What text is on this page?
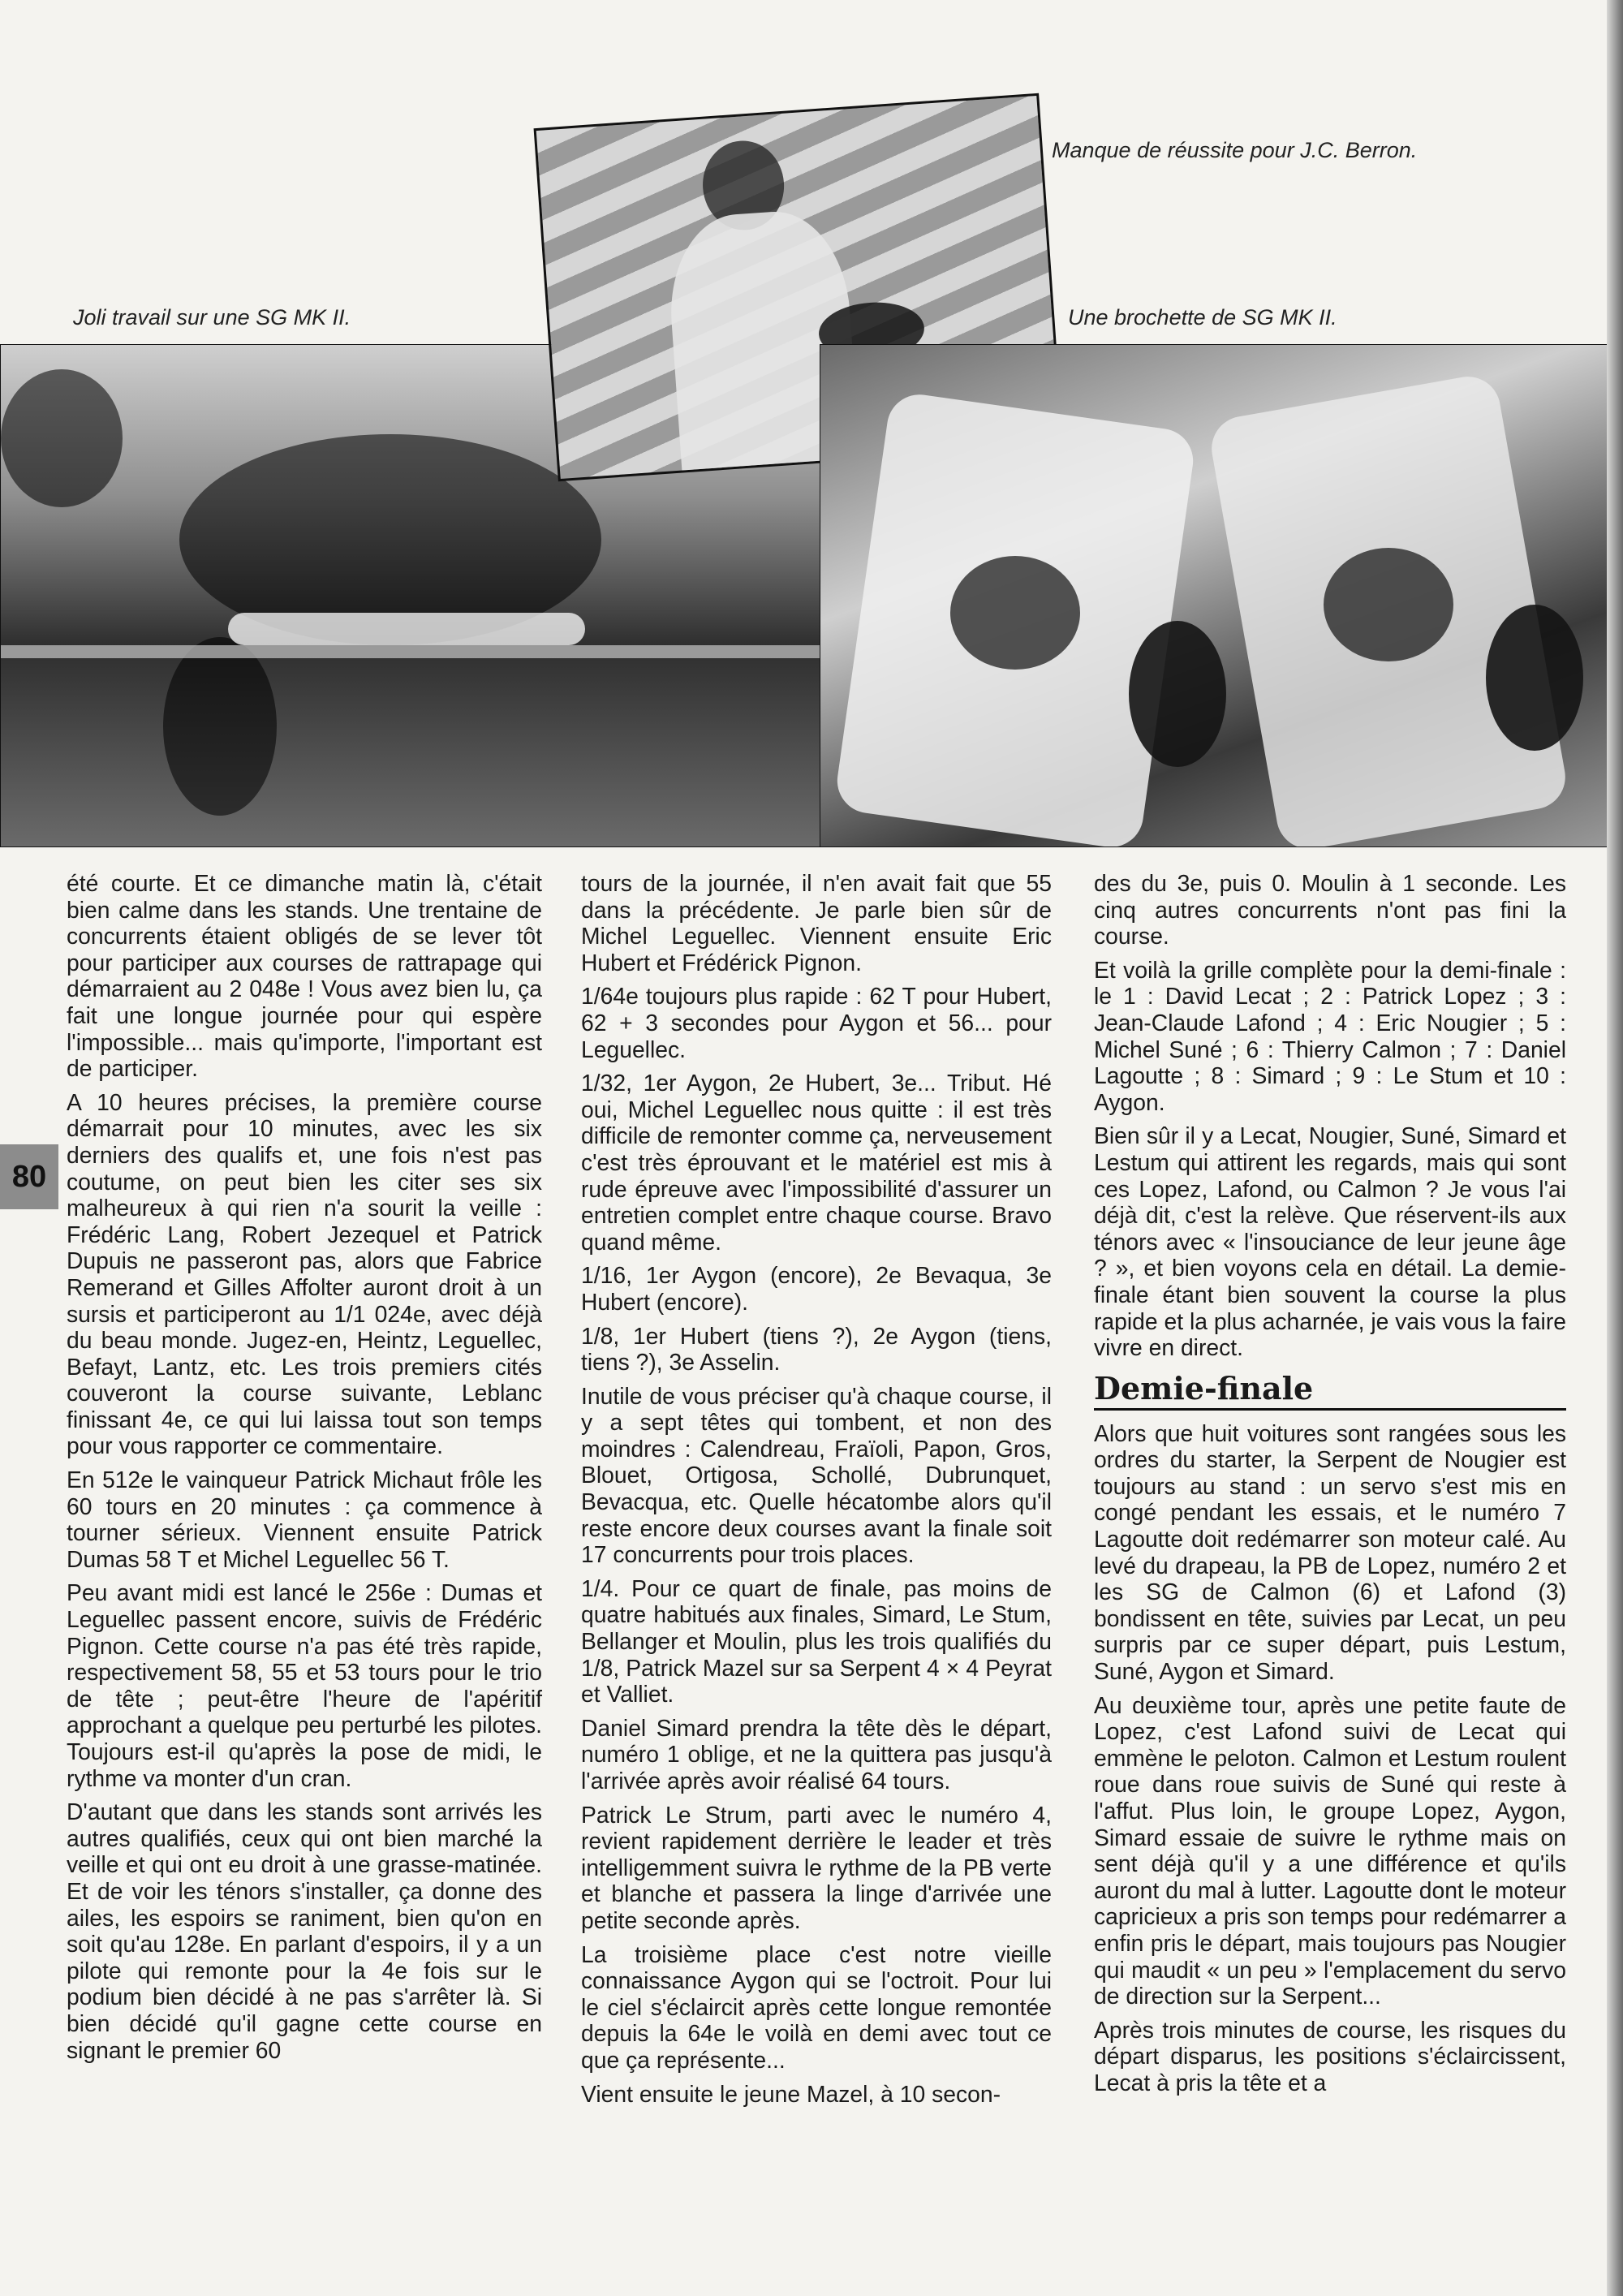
Manque de réussite pour J.C. Berron.
Joli travail sur une SG MK II.	Une brochette de SG MK II.
80

été courte. Et ce dimanche matin là, c'était bien calme dans les stands. Une trentaine de concurrents étaient obligés de se lever tôt pour participer aux courses de rattrapage qui démarraient au 2 048e ! Vous avez bien lu, ça fait une longue journée pour qui espère l'impossible... mais qu'importe, l'important est de participer.

A 10 heures précises, la première course démarrait pour 10 minutes, avec les six derniers des qualifs et, une fois n'est pas coutume, on peut bien les citer ses six malheureux à qui rien n'a sourit la veille : Frédéric Lang, Robert Jezequel et Patrick Dupuis ne passeront pas, alors que Fabrice Remerand et Gilles Affolter auront droit à un sursis et participeront au 1/1 024e, avec déjà du beau monde. Jugez-en, Heintz, Leguellec, Befayt, Lantz, etc. Les trois premiers cités couveront la course suivante, Leblanc finissant 4e, ce qui lui laissa tout son temps pour vous rapporter ce commentaire.

En 512e le vainqueur Patrick Michaut frôle les 60 tours en 20 minutes : ça commence à tourner sérieux. Viennent ensuite Patrick Dumas 58 T et Michel Leguellec 56 T.

Peu avant midi est lancé le 256e : Dumas et Leguellec passent encore, suivis de Frédéric Pignon. Cette course n'a pas été très rapide, respectivement 58, 55 et 53 tours pour le trio de tête ; peut-être l'heure de l'apéritif approchant a quelque peu perturbé les pilotes. Toujours est-il qu'après la pose de midi, le rythme va monter d'un cran.

D'autant que dans les stands sont arrivés les autres qualifiés, ceux qui ont bien marché la veille et qui ont eu droit à une grasse-matinée. Et de voir les ténors s'installer, ça donne des ailes, les espoirs se raniment, bien qu'on en soit qu'au 128e. En parlant d'espoirs, il y a un pilote qui remonte pour la 4e fois sur le podium bien décidé à ne pas s'arrêter là. Si bien décidé qu'il gagne cette course en signant le premier 60

tours de la journée, il n'en avait fait que 55 dans la précédente. Je parle bien sûr de Michel Leguellec. Viennent ensuite Eric Hubert et Frédérick Pignon.

1/64e toujours plus rapide : 62 T pour Hubert, 62 + 3 secondes pour Aygon et 56... pour Leguellec.

1/32, 1er Aygon, 2e Hubert, 3e... Tribut. Hé oui, Michel Leguellec nous quitte : il est très difficile de remonter comme ça, nerveusement c'est très éprouvant et le matériel est mis à rude épreuve avec l'impossibilité d'assurer un entretien complet entre chaque course. Bravo quand même.

1/16, 1er Aygon (encore), 2e Bevaqua, 3e Hubert (encore).

1/8, 1er Hubert (tiens ?), 2e Aygon (tiens, tiens ?), 3e Asselin.

Inutile de vous préciser qu'à chaque course, il y a sept têtes qui tombent, et non des moindres : Calendreau, Fraïoli, Papon, Gros, Blouet, Ortigosa, Schollé, Dubrunquet, Bevacqua, etc. Quelle hécatombe alors qu'il reste encore deux courses avant la finale soit 17 concurrents pour trois places.

1/4. Pour ce quart de finale, pas moins de quatre habitués aux finales, Simard, Le Stum, Bellanger et Moulin, plus les trois qualifiés du 1/8, Patrick Mazel sur sa Serpent 4 × 4 Peyrat et Valliet.

Daniel Simard prendra la tête dès le départ, numéro 1 oblige, et ne la quittera pas jusqu'à l'arrivée après avoir réalisé 64 tours.

Patrick Le Strum, parti avec le numéro 4, revient rapidement derrière le leader et très intelligemment suivra le rythme de la PB verte et blanche et passera la linge d'arrivée une petite seconde après.

La troisième place c'est notre vieille connaissance Aygon qui se l'octroit. Pour lui le ciel s'éclaircit après cette longue remontée depuis la 64e le voilà en demi avec tout ce que ça représente...

Vient ensuite le jeune Mazel, à 10 secon-

des du 3e, puis 0. Moulin à 1 seconde. Les cinq autres concurrents n'ont pas fini la course.

Et voilà la grille complète pour la demi-finale : le 1 : David Lecat ; 2 : Patrick Lopez ; 3 : Jean-Claude Lafond ; 4 : Eric Nougier ; 5 : Michel Suné ; 6 : Thierry Calmon ; 7 : Daniel Lagoutte ; 8 : Simard ; 9 : Le Stum et 10 : Aygon.

Bien sûr il y a Lecat, Nougier, Suné, Simard et Lestum qui attirent les regards, mais qui sont ces Lopez, Lafond, ou Calmon ? Je vous l'ai déjà dit, c'est la relève. Que réservent-ils aux ténors avec « l'insouciance de leur jeune âge ? », et bien voyons cela en détail. La demie-finale étant bien souvent la course la plus rapide et la plus acharnée, je vais vous la faire vivre en direct.

Demie-finale

Alors que huit voitures sont rangées sous les ordres du starter, la Serpent de Nougier est toujours au stand : un servo s'est mis en congé pendant les essais, et le numéro 7 Lagoutte doit redémarrer son moteur calé. Au levé du drapeau, la PB de Lopez, numéro 2 et les SG de Calmon (6) et Lafond (3) bondissent en tête, suivies par Lecat, un peu surpris par ce super départ, puis Lestum, Suné, Aygon et Simard.

Au deuxième tour, après une petite faute de Lopez, c'est Lafond suivi de Lecat qui emmène le peloton. Calmon et Lestum roulent roue dans roue suivis de Suné qui reste à l'affut. Plus loin, le groupe Lopez, Aygon, Simard essaie de suivre le rythme mais on sent déjà qu'il y a une différence et qu'ils auront du mal à lutter. Lagoutte dont le moteur capricieux a pris son temps pour redémarrer a enfin pris le départ, mais toujours pas Nougier qui maudit « un peu » l'emplacement du servo de direction sur la Serpent...

Après trois minutes de course, les risques du départ disparus, les positions s'éclaircissent, Lecat à pris la tête et a
